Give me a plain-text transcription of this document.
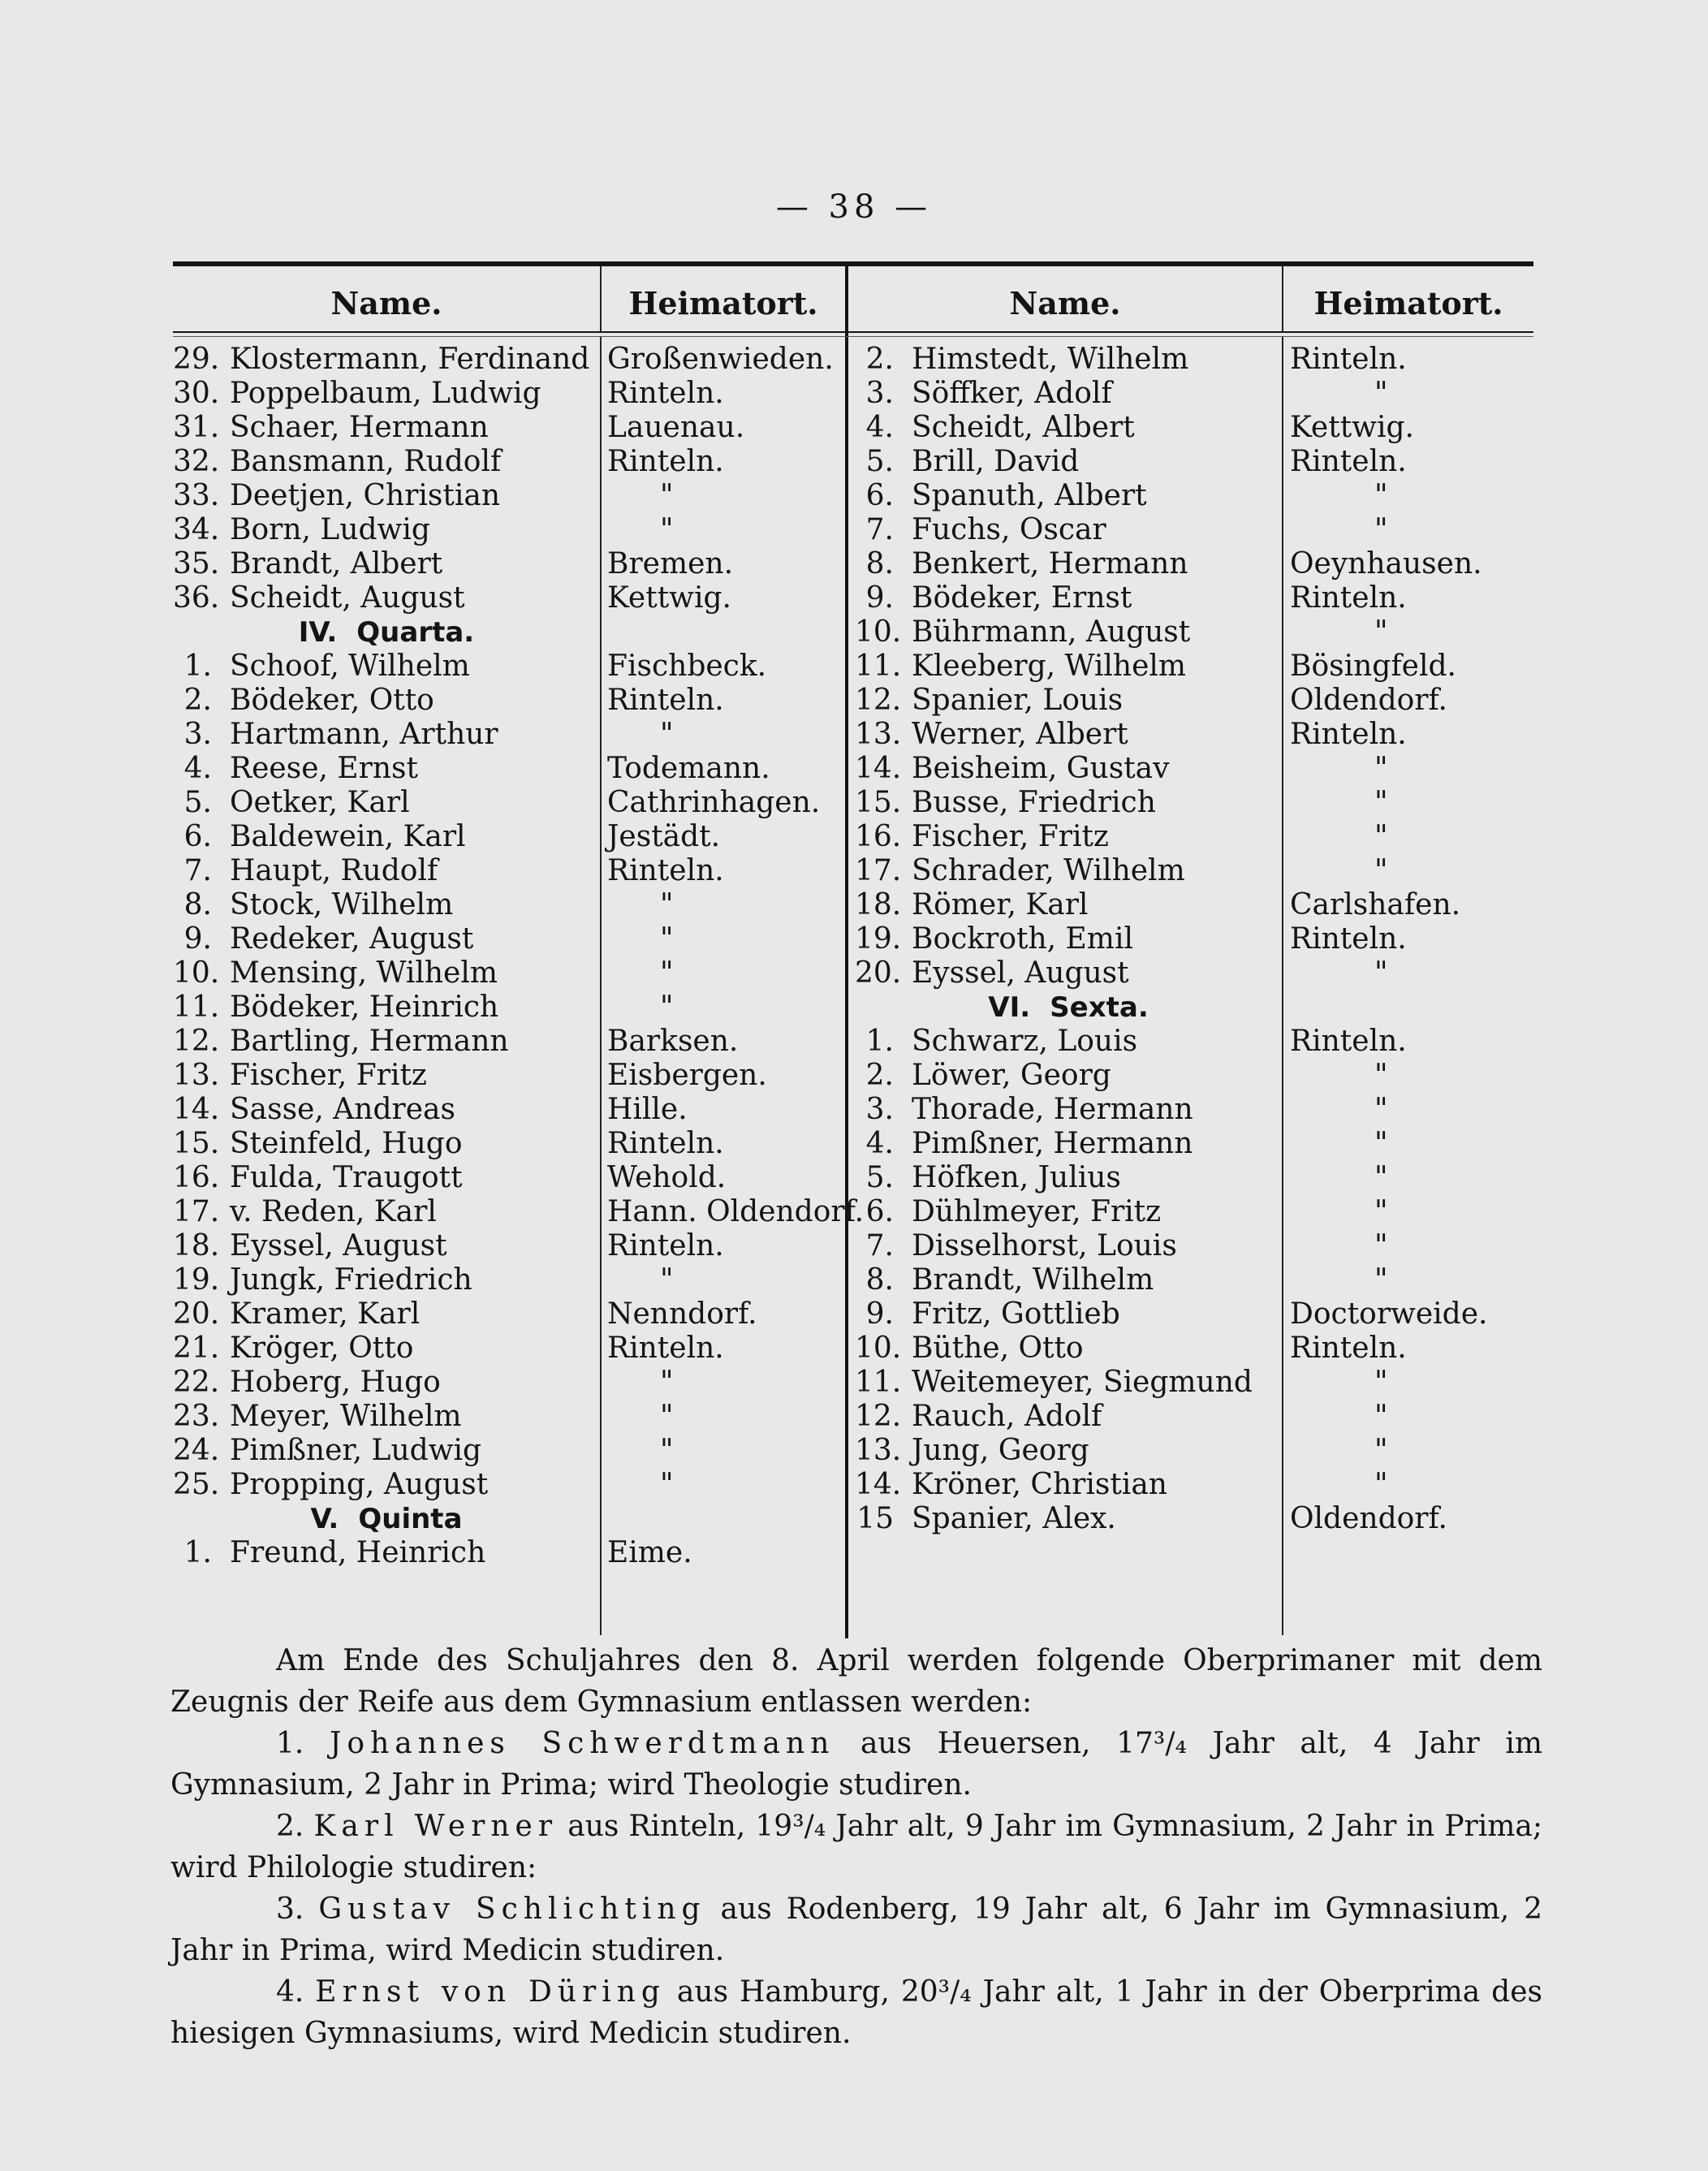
— 38 —
Name.	Heimatort.	Name.	Heimatort.
29. Klostermann, Ferdinand Großenwieden.
30. Poppelbaum, Ludwig Rinteln.
31. Schaer, Hermann	Lauenau.
32. Bansmann, Rudolf	Rinteln.
33. Deetjen, Christian	"
34. Born, Ludwig	"
35. Brandt, Albert	Bremen.
36. Scheidt, August	Kettwig.
IV. Quarta.
1. Schoof, Wilhelm	Fischbeck.
2. Bödeker, Otto	Rinteln.
3. Hartmann, Arthur	"
4. Reese, Ernst	Todemann.
5. Oetker, Karl	Cathrinhagen.
6. Baldewein, Karl	Jestädt.
7. Haupt, Rudolf	Rinteln.
8. Stock, Wilhelm	"
9. Redeker, August	"
10. Mensing, Wilhelm	"
11. Bödeker, Heinrich	"
12. Bartling, Hermann	Barksen.
13. Fischer, Fritz	Eisbergen.
14. Sasse, Andreas	Hille.
15. Steinfeld, Hugo	Rinteln.
16. Fulda, Traugott	Wehold.
17. v. Reden, Karl	Hann. Oldendorf.
18. Eyssel, August	Rinteln.
19. Jungk, Friedrich	"
20. Kramer, Karl	Nenndorf.
21. Kröger, Otto	Rinteln.
22. Hoberg, Hugo	"
23. Meyer, Wilhelm	"
24. Pimßner, Ludwig	"
25. Propping, August	"
V. Quinta
1. Freund, Heinrich	Eime.
2. Himstedt, Wilhelm	Rinteln.
3. Söffker, Adolf	"
4. Scheidt, Albert	Kettwig.
5. Brill, David	Rinteln.
6. Spanuth, Albert	"
7. Fuchs, Oscar	"
8. Benkert, Hermann	Oeynhausen.
9. Bödeker, Ernst	Rinteln.
10. Bührmann, August	"
11. Kleeberg, Wilhelm	Bösingfeld.
12. Spanier, Louis	Oldendorf.
13. Werner, Albert	Rinteln.
14. Beisheim, Gustav	"
15. Busse, Friedrich	"
16. Fischer, Fritz	"
17. Schrader, Wilhelm	"
18. Römer, Karl	Carlshafen.
19. Bockroth, Emil	Rinteln.
20. Eyssel, August	"
VI. Sexta.
1. Schwarz, Louis	Rinteln.
2. Löwer, Georg	"
3. Thorade, Hermann	"
4. Pimßner, Hermann	"
5. Höfken, Julius	"
6. Dühlmeyer, Fritz	"
7. Disselhorst, Louis	"
8. Brandt, Wilhelm	"
9. Fritz, Gottlieb	Doctorweide.
10. Büthe, Otto	Rinteln.
11. Weitemeyer, Siegmund	"
12. Rauch, Adolf	"
13. Jung, Georg	"
14. Kröner, Christian	"
15 Spanier, Alex.	Oldendorf.

Am Ende des Schuljahres den 8. April werden folgende Oberprimaner mit dem Zeugnis der Reife aus dem Gymnasium entlassen werden:

1. Johannes Schwerdtmann aus Heuersen, 17³/₄ Jahr alt, 4 Jahr im Gymnasium, 2 Jahr in Prima; wird Theologie studiren.

2. Karl Werner aus Rinteln, 19³/₄ Jahr alt, 9 Jahr im Gymnasium, 2 Jahr in Prima; wird Philologie studiren:

3. Gustav Schlichting aus Rodenberg, 19 Jahr alt, 6 Jahr im Gymnasium, 2 Jahr in Prima, wird Medicin studiren.

4. Ernst von Düring aus Hamburg, 20³/₄ Jahr alt, 1 Jahr in der Oberprima des hiesigen Gymnasiums, wird Medicin studiren.
